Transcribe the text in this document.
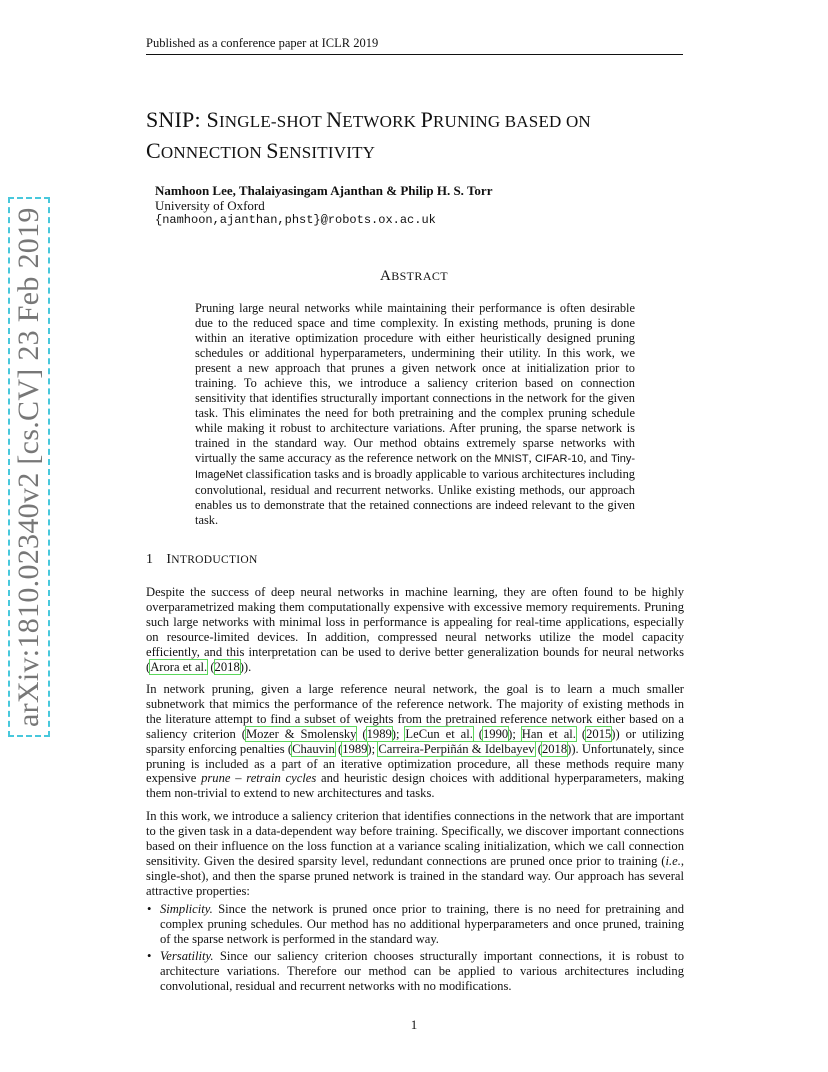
Published as a conference paper at ICLR 2019
arXiv:1810.02340v2 [cs.CV] 23 Feb 2019
SNIP: SINGLE-SHOT NETWORK PRUNING BASED ON
CONNECTION SENSITIVITY
Namhoon Lee, Thalaiyasingam Ajanthan & Philip H. S. Torr
University of Oxford
{namhoon,ajanthan,phst}@robots.ox.ac.uk
ABSTRACT

Pruning large neural networks while maintaining their performance is often desirable due to the reduced space and time complexity. In existing methods, pruning is done within an iterative optimization procedure with either heuristically designed pruning schedules or additional hyperparameters, undermining their utility. In this work, we present a new approach that prunes a given network once at initialization prior to training. To achieve this, we introduce a saliency criterion based on connection sensitivity that identifies structurally important connections in the network for the given task. This eliminates the need for both pretraining and the complex pruning schedule while making it robust to architecture variations. After pruning, the sparse network is trained in the standard way. Our method obtains extremely sparse networks with virtually the same accuracy as the reference network on the MNIST, CIFAR-10, and Tiny-ImageNet classification tasks and is broadly applicable to various architectures including convolutional, residual and recurrent networks. Unlike existing methods, our approach enables us to demonstrate that the retained connections are indeed relevant to the given task.

1 INTRODUCTION

Despite the success of deep neural networks in machine learning, they are often found to be highly overparametrized making them computationally expensive with excessive memory requirements. Pruning such large networks with minimal loss in performance is appealing for real-time applications, especially on resource-limited devices. In addition, compressed neural networks utilize the model capacity efficiently, and this interpretation can be used to derive better generalization bounds for neural networks (Arora et al. (2018)).

In network pruning, given a large reference neural network, the goal is to learn a much smaller subnetwork that mimics the performance of the reference network. The majority of existing methods in the literature attempt to find a subset of weights from the pretrained reference network either based on a saliency criterion (Mozer & Smolensky (1989); LeCun et al. (1990); Han et al. (2015)) or utilizing sparsity enforcing penalties (Chauvin (1989); Carreira-Perpiñán & Idelbayev (2018)). Unfortunately, since pruning is included as a part of an iterative optimization procedure, all these methods require many expensive prune – retrain cycles and heuristic design choices with additional hyperparameters, making them non-trivial to extend to new architectures and tasks.

In this work, we introduce a saliency criterion that identifies connections in the network that are important to the given task in a data-dependent way before training. Specifically, we discover important connections based on their influence on the loss function at a variance scaling initialization, which we call connection sensitivity. Given the desired sparsity level, redundant connections are pruned once prior to training (i.e., single-shot), and then the sparse pruned network is trained in the standard way. Our approach has several attractive properties:

• Simplicity. Since the network is pruned once prior to training, there is no need for pretraining and complex pruning schedules. Our method has no additional hyperparameters and once pruned, training of the sparse network is performed in the standard way.
• Versatility. Since our saliency criterion chooses structurally important connections, it is robust to architecture variations. Therefore our method can be applied to various architectures including convolutional, residual and recurrent networks with no modifications.
1
